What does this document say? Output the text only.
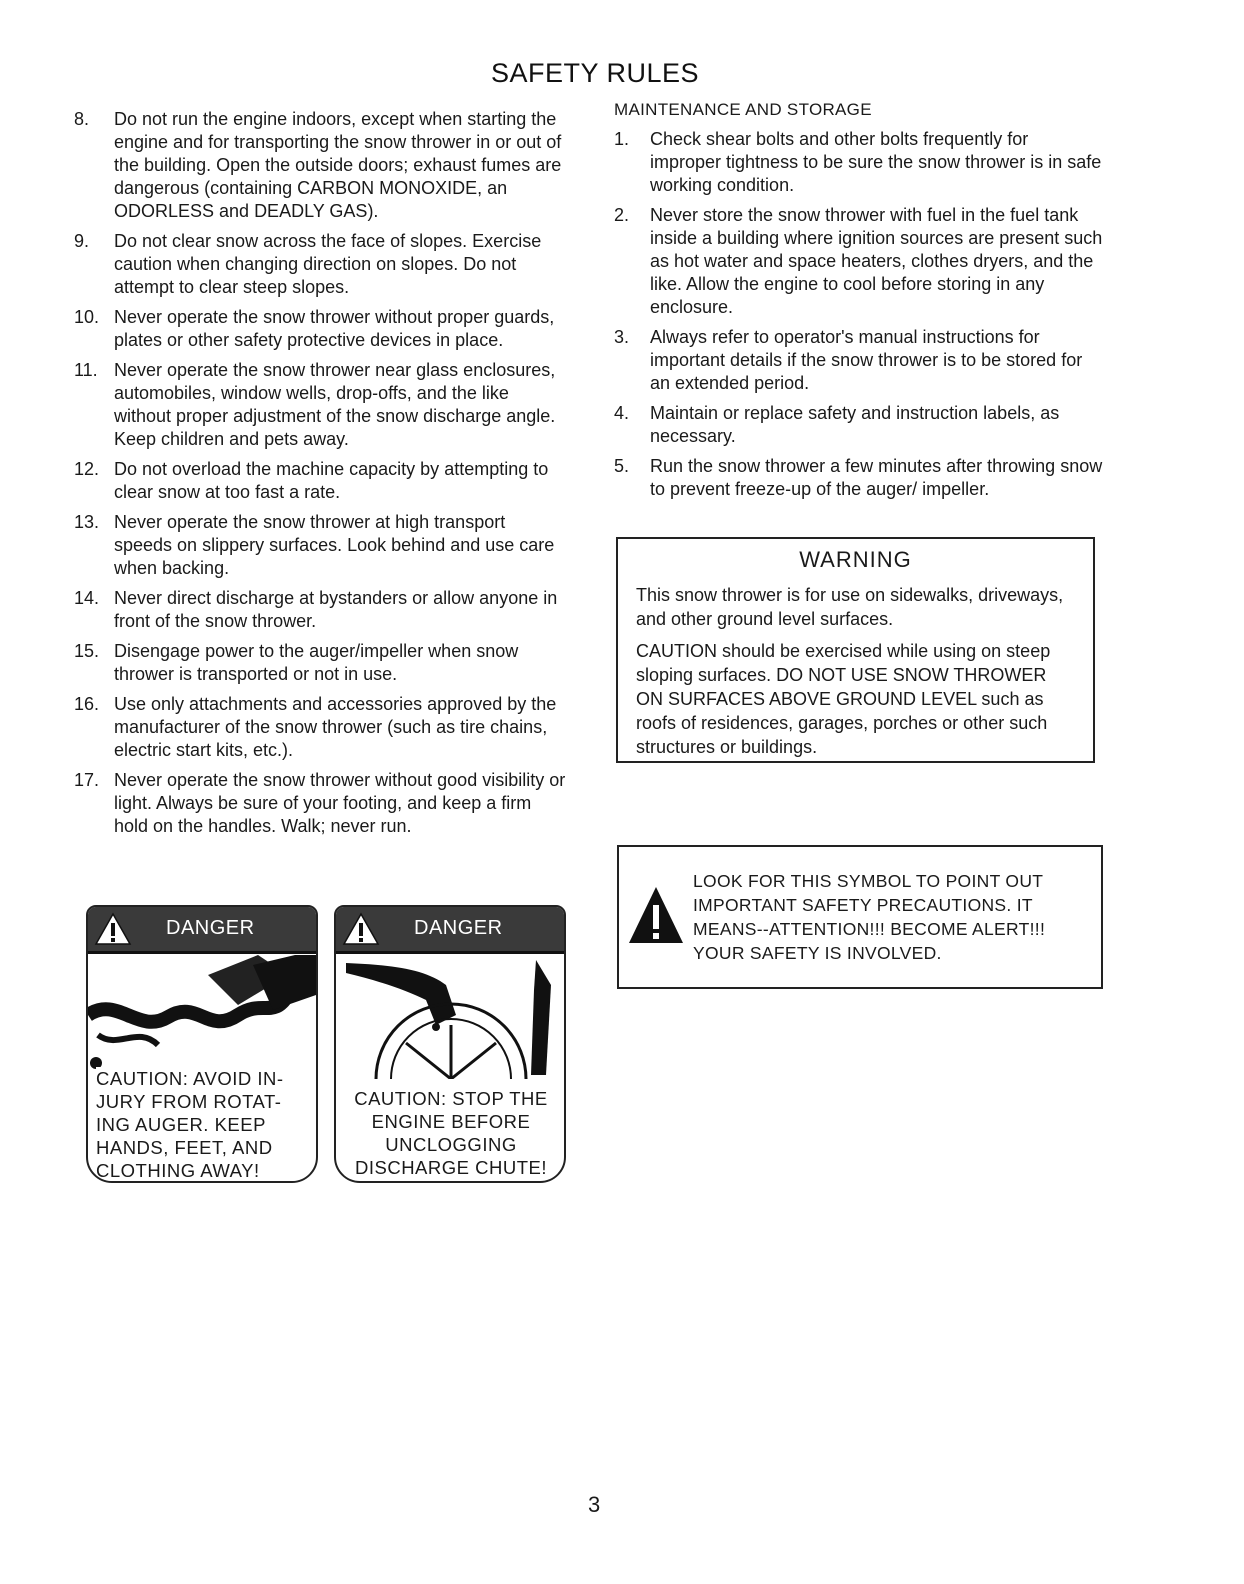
SAFETY RULES
8.	Do not run the engine indoors, except when starting the engine and for transporting the snow thrower in or out of the building. Open the outside doors; exhaust fumes are dangerous (containing CARBON MONOXIDE, an ODORLESS and DEADLY GAS).
9.	Do not clear snow across the face of slopes. Exercise caution when changing direction on slopes. Do not attempt to clear steep slopes.
10. Never operate the snow thrower without proper guards, plates or other safety protective devices in place.
11. Never operate the snow thrower near glass enclosures, automobiles, window wells, drop-offs, and the like without proper adjustment of the snow discharge angle. Keep children and pets away.
12. Do not overload the machine capacity by attempting to clear snow at too fast a rate.
13. Never operate the snow thrower at high transport speeds on slippery surfaces. Look behind and use care when backing.
14. Never direct discharge at bystanders or allow anyone in front of the snow thrower.
15. Disengage power to the auger/impeller when snow thrower is transported or not in use.
16. Use only attachments and accessories approved by the manufacturer of the snow thrower (such as tire chains, electric start kits, etc.).
17. Never operate the snow thrower without good visibility or light. Always be sure of your footing, and keep a firm hold on the handles. Walk; never run.
MAINTENANCE AND STORAGE
1.	Check shear bolts and other bolts frequently for improper tightness to be sure the snow thrower is in safe working condition.
2.	Never store the snow thrower with fuel in the fuel tank inside a building where ignition sources are present such as hot water and space heaters, clothes dryers, and the like. Allow the engine to cool before storing in any enclosure.
3.	Always refer to operator's manual instructions for important details if the snow thrower is to be stored for an extended period.
4.	Maintain or replace safety and instruction labels, as necessary.
5.	Run the snow thrower a few minutes after throwing snow to prevent freeze-up of the auger/ impeller.
WARNING
This snow thrower is for use on sidewalks, driveways, and other ground level surfaces.
CAUTION should be exercised while using on steep sloping surfaces. DO NOT USE SNOW THROWER ON SURFACES ABOVE GROUND LEVEL such as roofs of residences, garages, porches or other such structures or buildings.
LOOK FOR THIS SYMBOL TO POINT OUT IMPORTANT SAFETY PRECAUTIONS. IT MEANS--ATTENTION!!! BECOME ALERT!!! YOUR SAFETY IS INVOLVED.
DANGER
CAUTION: AVOID IN-
JURY FROM ROTAT-
ING AUGER. KEEP
HANDS, FEET, AND
CLOTHING AWAY!
DANGER
CAUTION: STOP THE
ENGINE BEFORE
UNCLOGGING
DISCHARGE CHUTE!
3
